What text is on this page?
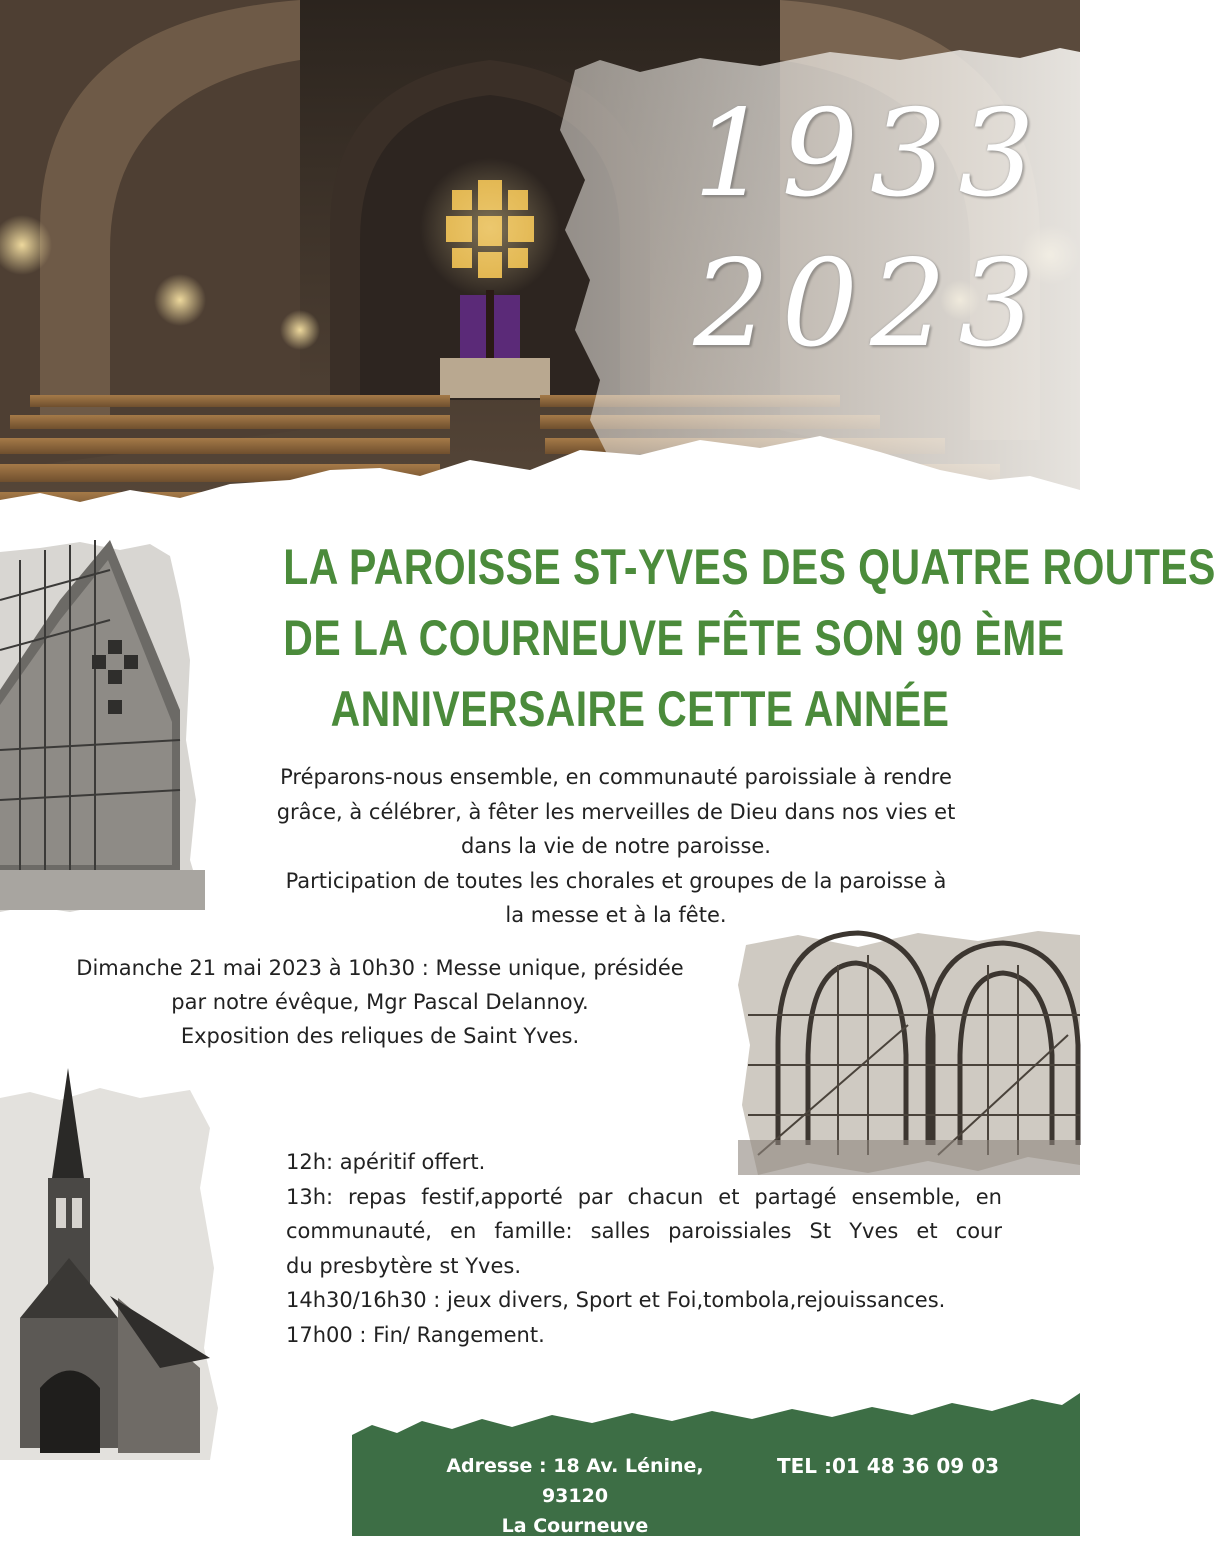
1933
2023
LA PAROISSE ST-YVES DES QUATRE ROUTES
DE LA COURNEUVE FÊTE SON 90 ÈME
ANNIVERSAIRE CETTE ANNÉE
Préparons-nous ensemble, en communauté paroissiale à rendre
grâce, à célébrer, à fêter les merveilles de Dieu dans nos vies et
dans la vie de notre paroisse.
Participation de toutes les chorales et groupes de la paroisse à
la messe et à la fête.
Dimanche 21 mai 2023 à 10h30 : Messe unique, présidée
par notre évêque, Mgr Pascal Delannoy.
Exposition des reliques de Saint Yves.
12h: apéritif offert.
13h: repas festif,apporté par chacun et partagé ensemble, en
communauté, en famille: salles paroissiales St Yves et cour
du presbytère st Yves.
14h30/16h30 : jeux divers, Sport et Foi,tombola,rejouissances.
17h00 : Fin/ Rangement.
Adresse : 18 Av. Lénine, 93120
La Courneuve
TEL :01 48 36 09 03
